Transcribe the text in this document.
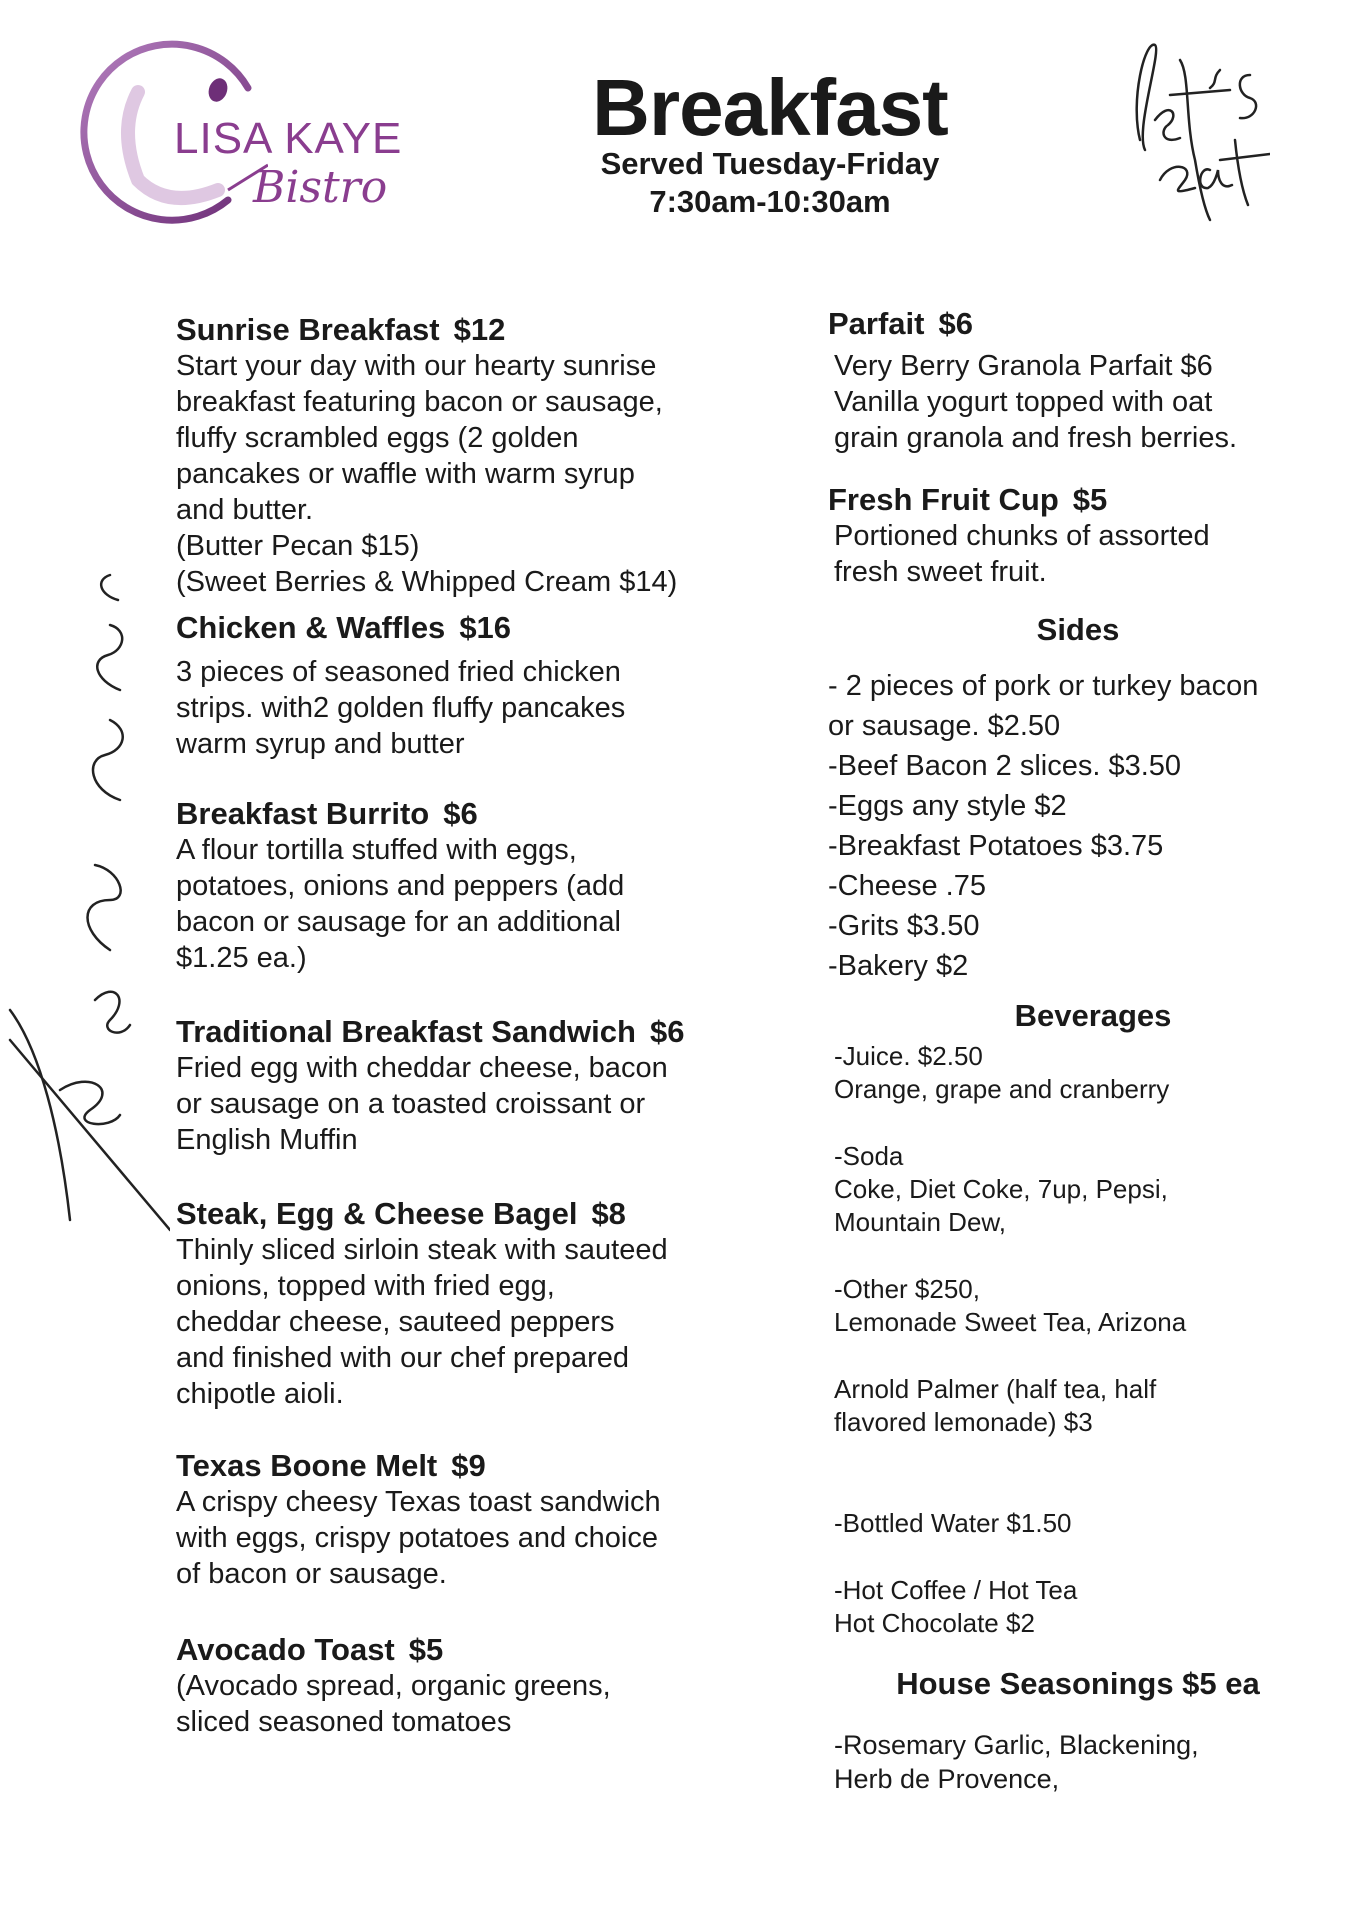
LISA KAYE
Bistro
Breakfast
Served Tuesday-Friday
7:30am-10:30am
Sunrise Breakfast $12
Start your day with our hearty sunrise
breakfast featuring bacon or sausage,
fluffy scrambled eggs (2 golden
pancakes or waffle with warm syrup
and butter.
(Butter Pecan $15)
(Sweet Berries & Whipped Cream $14)
Chicken & Waffles $16
3 pieces of seasoned fried chicken
strips. with2 golden fluffy pancakes
warm syrup and butter
Breakfast Burrito $6
A flour tortilla stuffed with eggs,
potatoes, onions and peppers (add
bacon or sausage for an additional
$1.25 ea.)
Traditional Breakfast Sandwich $6
Fried egg with cheddar cheese, bacon
or sausage on a toasted croissant or
English Muffin
Steak, Egg & Cheese Bagel $8
Thinly sliced sirloin steak with sauteed
onions, topped with fried egg,
cheddar cheese, sauteed peppers
and finished with our chef prepared
chipotle aioli.
Texas Boone Melt $9
A crispy cheesy Texas toast sandwich
with eggs, crispy potatoes and choice
of bacon or sausage.
Avocado Toast $5
(Avocado spread, organic greens,
sliced seasoned tomatoes
Parfait $6
Very Berry Granola Parfait $6
Vanilla yogurt topped with oat
grain granola and fresh berries.
Fresh Fruit Cup $5
Portioned chunks of assorted
fresh sweet fruit.
Sides
- 2 pieces of pork or turkey bacon
or sausage. $2.50
-Beef Bacon 2 slices. $3.50
-Eggs any style $2
-Breakfast Potatoes $3.75
-Cheese .75
-Grits $3.50
-Bakery $2
Beverages
-Juice. $2.50
Orange, grape and cranberry
-Soda
Coke, Diet Coke, 7up, Pepsi,
Mountain Dew,
-Other $250,
Lemonade Sweet Tea, Arizona
Arnold Palmer (half tea, half
flavored lemonade) $3
-Bottled Water $1.50
-Hot Coffee / Hot Tea
Hot Chocolate $2
House Seasonings $5 ea
-Rosemary Garlic, Blackening,
Herb de Provence,
